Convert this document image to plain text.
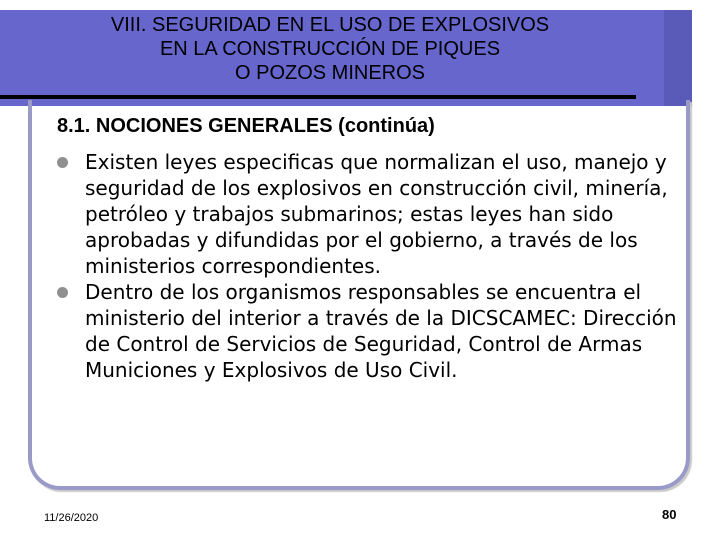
VIII. SEGURIDAD EN EL USO DE EXPLOSIVOS
EN LA CONSTRUCCIÓN DE PIQUES
O POZOS MINEROS
8.1. NOCIONES GENERALES (continúa)
Existen leyes especificas que normalizan el uso, manejo y seguridad de los explosivos en construcción civil, minería, petróleo y trabajos submarinos; estas leyes han sido aprobadas y difundidas por el gobierno, a través de los ministerios correspondientes.
Dentro de los organismos responsables se encuentra el ministerio del interior a través de la DICSCAMEC: Dirección de Control de Servicios de Seguridad, Control de Armas Municiones y Explosivos de Uso Civil.
11/26/2020	80
